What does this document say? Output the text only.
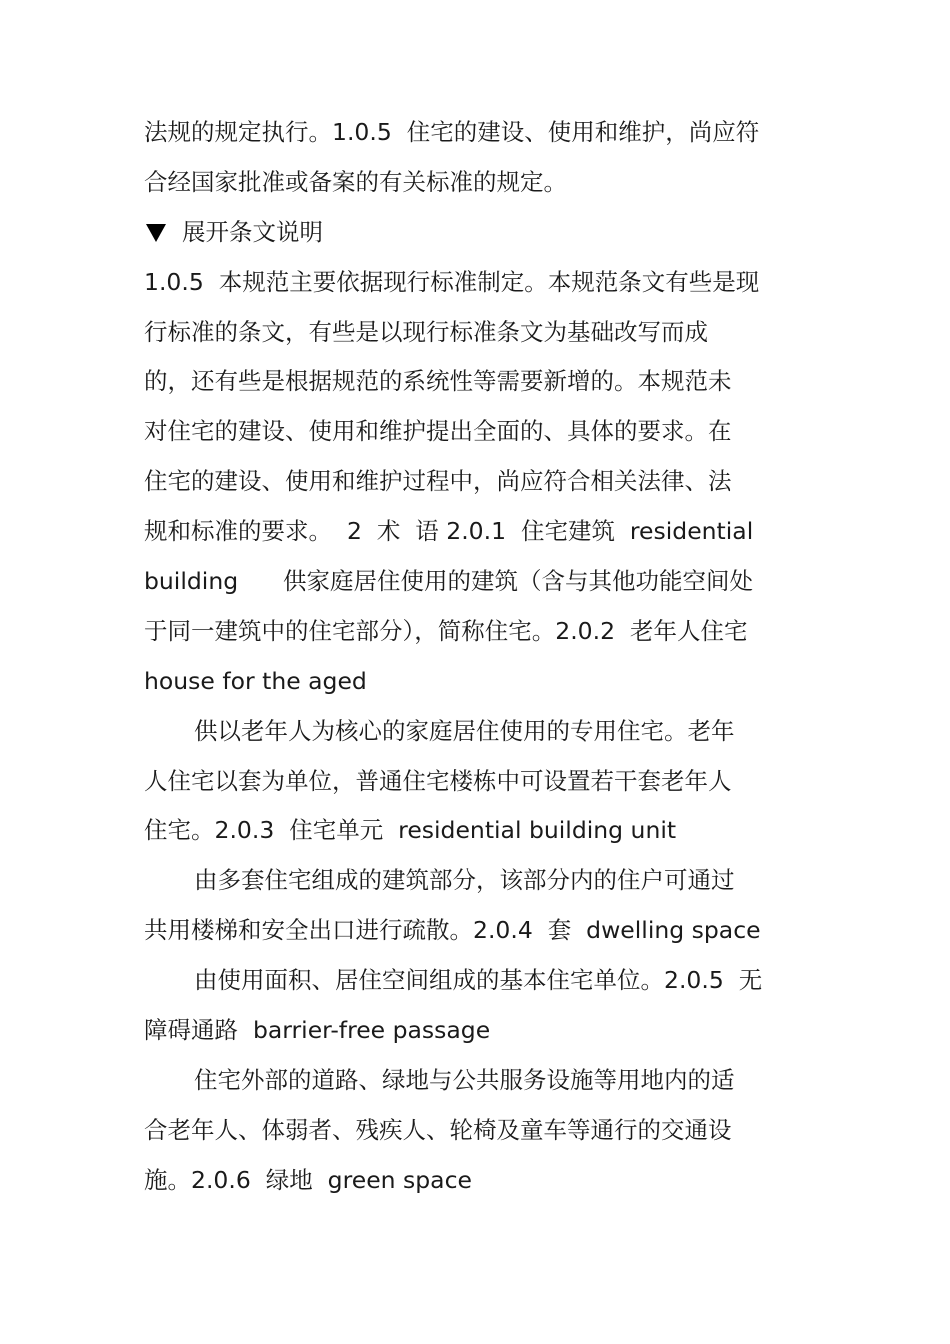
法规的规定执行。1.0.5  住宅的建设、使用和维护，尚应符
合经国家批准或备案的有关标准的规定。
展开条文说明
1.0.5  本规范主要依据现行标准制定。本规范条文有些是现
行标准的条文，有些是以现行标准条文为基础改写而成
的，还有些是根据规范的系统性等需要新增的。本规范未
对住宅的建设、使用和维护提出全面的、具体的要求。在
住宅的建设、使用和维护过程中，尚应符合相关法律、法
规和标准的要求。  2  术  语 2.0.1  住宅建筑  residential
building      供家庭居住使用的建筑（含与其他功能空间处
于同一建筑中的住宅部分），简称住宅。2.0.2  老年人住宅
house for the aged
供以老年人为核心的家庭居住使用的专用住宅。老年
人住宅以套为单位，普通住宅楼栋中可设置若干套老年人
住宅。2.0.3  住宅单元  residential building unit
由多套住宅组成的建筑部分，该部分内的住户可通过
共用楼梯和安全出口进行疏散。2.0.4  套  dwelling space
由使用面积、居住空间组成的基本住宅单位。2.0.5  无
障碍通路  barrier-free passage
住宅外部的道路、绿地与公共服务设施等用地内的适
合老年人、体弱者、残疾人、轮椅及童车等通行的交通设
施。2.0.6  绿地  green space
